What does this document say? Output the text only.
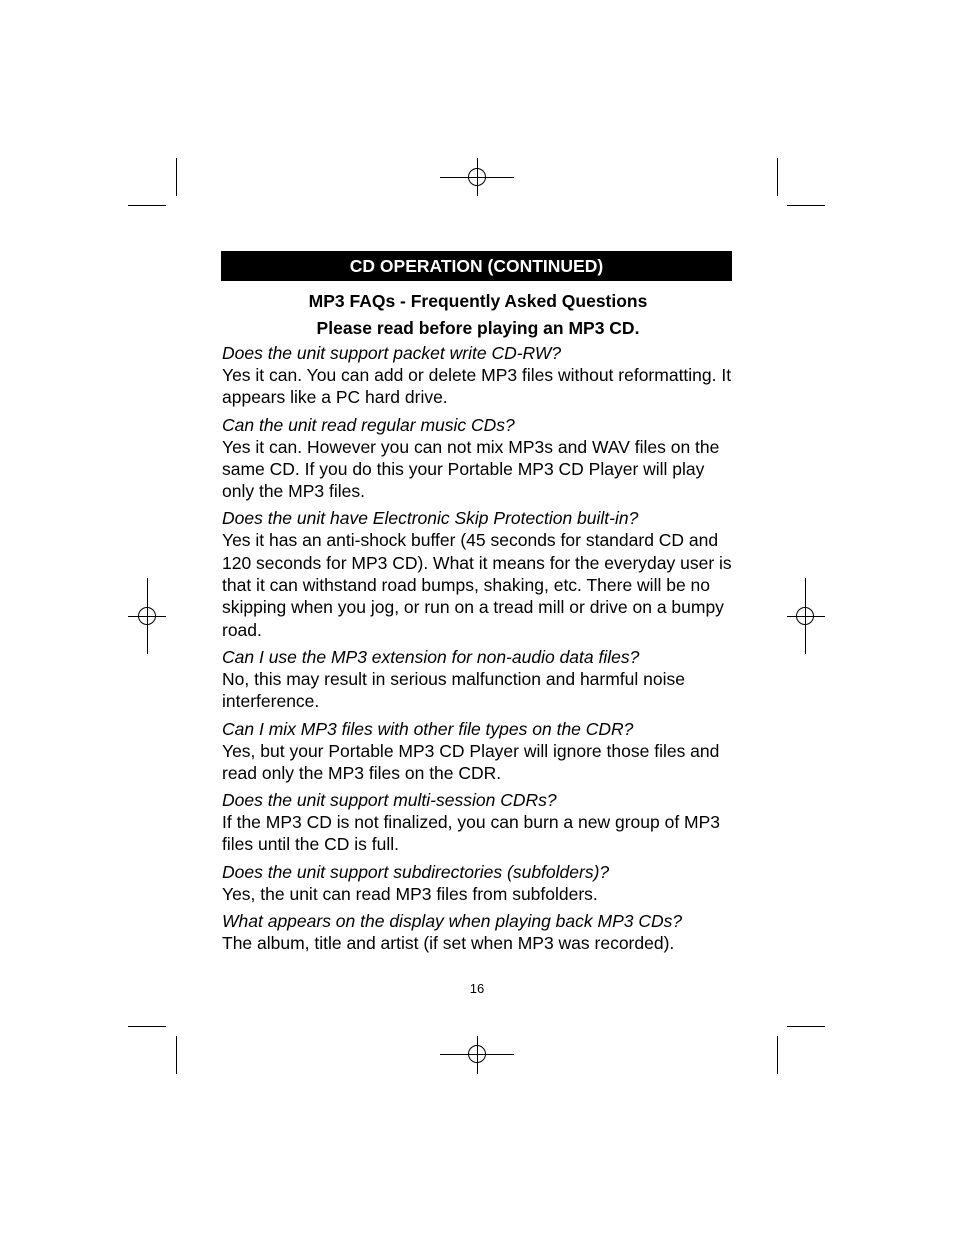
CD OPERATION (CONTINUED)

MP3 FAQs - Frequently Asked Questions

Please read before playing an MP3 CD.

Does the unit support packet write CD-RW?

Yes it can. You can add or delete MP3 files without reformatting. It appears like a PC hard drive.

Can the unit read regular music CDs?

Yes it can. However you can not mix MP3s and WAV files on the same CD. If you do this your Portable MP3 CD Player will play only the MP3 files.

Does the unit have Electronic Skip Protection built-in?

Yes it has an anti-shock buffer (45 seconds for standard CD and 120 seconds for MP3 CD). What it means for the everyday user is that it can withstand road bumps, shaking, etc. There will be no skipping when you jog, or run on a tread mill or drive on a bumpy road.

Can I use the MP3 extension for non-audio data files?

No, this may result in serious malfunction and harmful noise interference.

Can I mix MP3 files with other file types on the CDR?

Yes, but your Portable MP3 CD Player will ignore those files and read only the MP3 files on the CDR.

Does the unit support multi-session CDRs?

If the MP3 CD is not finalized, you can burn a new group of MP3 files until the CD is full.

Does the unit support subdirectories (subfolders)?

Yes, the unit can read MP3 files from subfolders.

What appears on the display when playing back MP3 CDs?

The album, title and artist (if set when MP3 was recorded).

16
